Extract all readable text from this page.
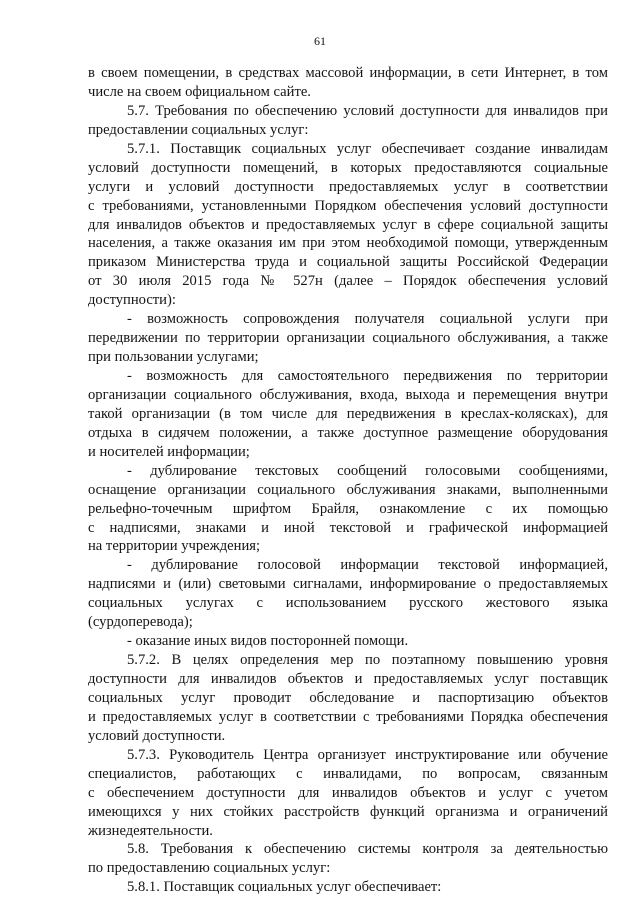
61
в своем помещении, в средствах массовой информации, в сети Интернет, в том
числе на своем официальном сайте.
5.7. Требования по обеспечению условий доступности для инвалидов при
предоставлении социальных услуг:
5.7.1. Поставщик социальных услуг обеспечивает создание инвалидам
условий доступности помещений, в которых предоставляются социальные
услуги и условий доступности предоставляемых услуг в соответствии
с требованиями, установленными Порядком обеспечения условий доступности
для инвалидов объектов и предоставляемых услуг в сфере социальной защиты
населения, а также оказания им при этом необходимой помощи, утвержденным
приказом Министерства труда и социальной защиты Российской Федерации
от 30 июля 2015 года № 527н (далее – Порядок обеспечения условий
доступности):
- возможность сопровождения получателя социальной услуги при
передвижении по территории организации социального обслуживания, а также
при пользовании услугами;
- возможность для самостоятельного передвижения по территории
организации социального обслуживания, входа, выхода и перемещения внутри
такой организации (в том числе для передвижения в креслах-колясках), для
отдыха в сидячем положении, а также доступное размещение оборудования
и носителей информации;
- дублирование текстовых сообщений голосовыми сообщениями,
оснащение организации социального обслуживания знаками, выполненными
рельефно-точечным шрифтом Брайля, ознакомление с их помощью
с надписями, знаками и иной текстовой и графической информацией
на территории учреждения;
- дублирование голосовой информации текстовой информацией,
надписями и (или) световыми сигналами, информирование о предоставляемых
социальных услугах с использованием русского жестового языка
(сурдоперевода);
- оказание иных видов посторонней помощи.
5.7.2. В целях определения мер по поэтапному повышению уровня
доступности для инвалидов объектов и предоставляемых услуг поставщик
социальных услуг проводит обследование и паспортизацию объектов
и предоставляемых услуг в соответствии с требованиями Порядка обеспечения
условий доступности.
5.7.3. Руководитель Центра организует инструктирование или обучение
специалистов, работающих с инвалидами, по вопросам, связанным
с обеспечением доступности для инвалидов объектов и услуг с учетом
имеющихся у них стойких расстройств функций организма и ограничений
жизнедеятельности.
5.8. Требования к обеспечению системы контроля за деятельностью
по предоставлению социальных услуг:
5.8.1. Поставщик социальных услуг обеспечивает:
